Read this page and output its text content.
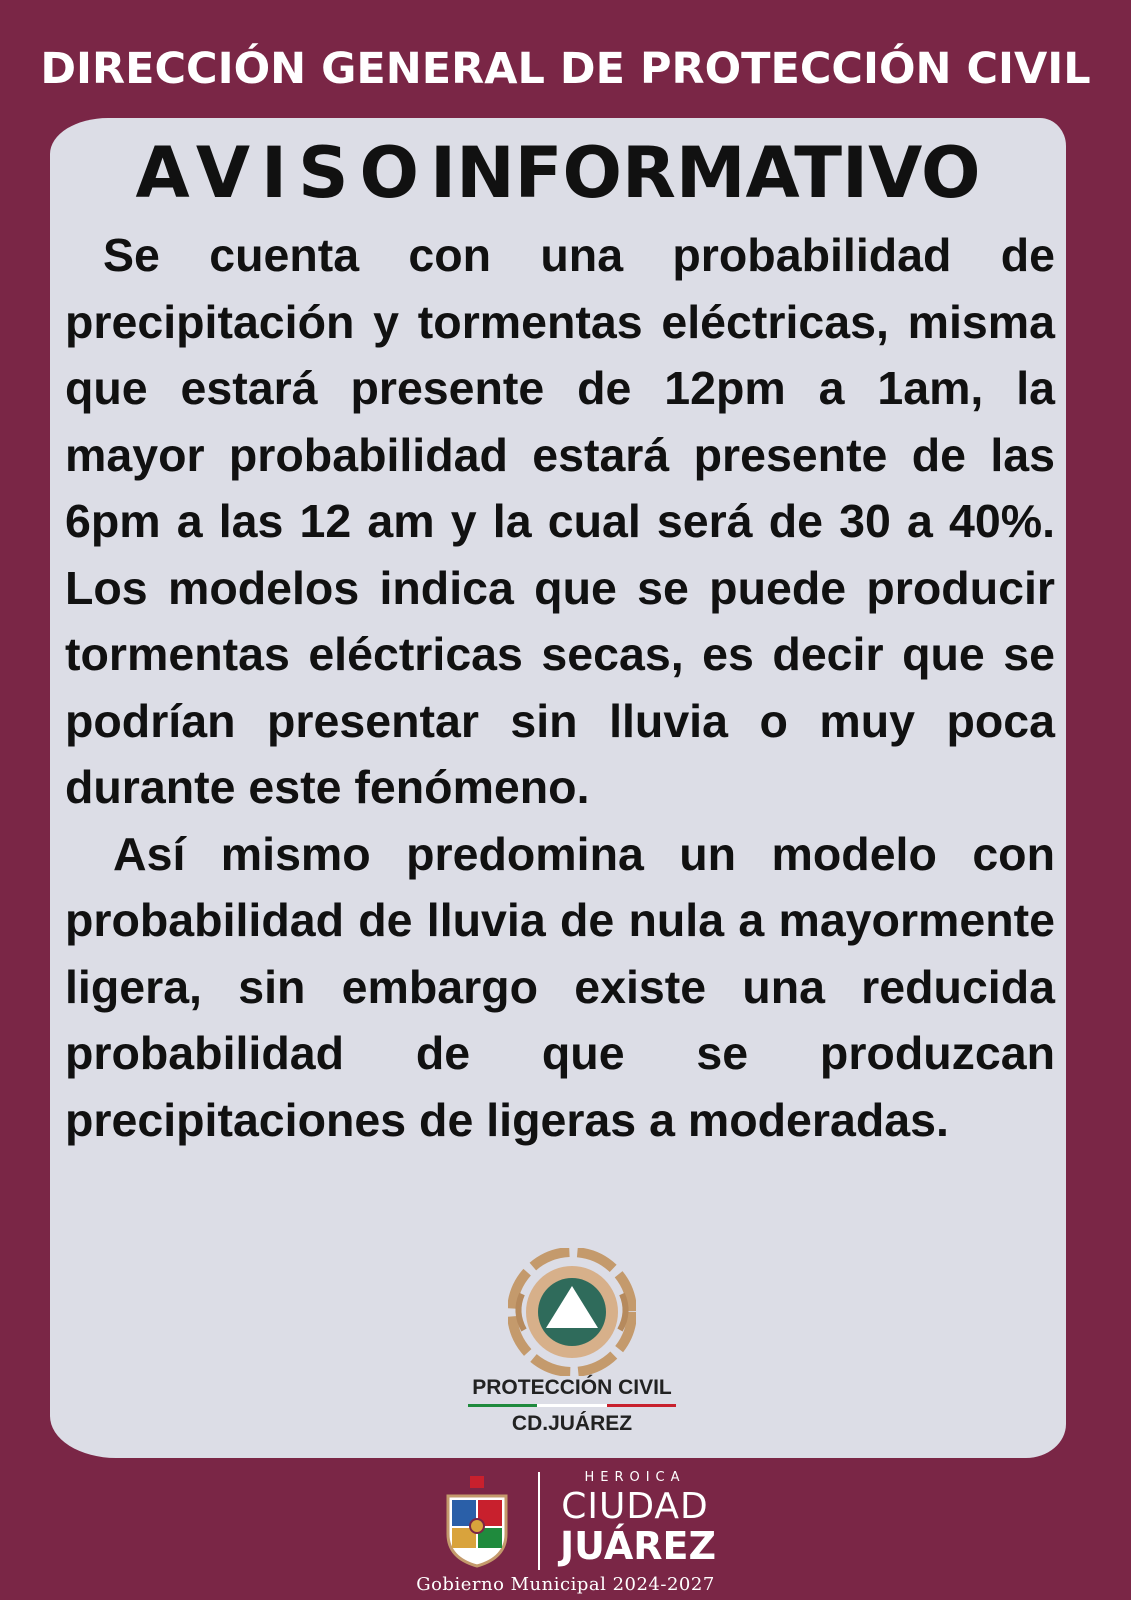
DIRECCIÓN GENERAL DE PROTECCIÓN CIVIL
AVISOINFORMATIVO

Se cuenta con una probabilidad de precipitación y tormentas eléctricas, misma que estará presente de 12pm a 1am, la mayor probabilidad estará presente de las 6pm a las 12 am y la cual será de 30 a 40%. Los modelos indica que se puede producir tormentas eléctricas secas, es decir que se podrían presentar sin lluvia o muy poca durante este fenómeno.
Así mismo predomina un modelo con probabilidad de lluvia de nula a mayormente ligera, sin embargo existe una reducida probabilidad de que se produzcan precipitaciones de ligeras a moderadas.

PROTECCIÓN CIVIL
CD.JUÁREZ
HEROICA
CIUDAD
JUÁREZ
Gobierno Municipal 2024-2027
